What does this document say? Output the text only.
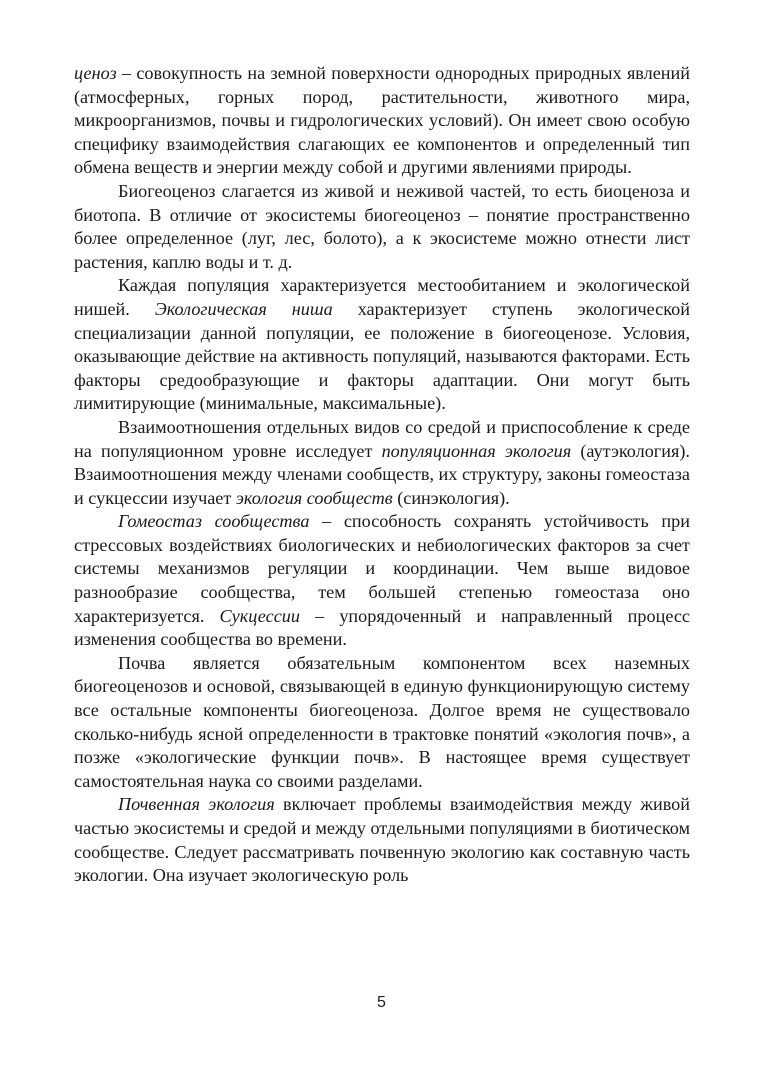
ценоз – совокупность на земной поверхности однородных природных явлений (атмосферных, горных пород, растительности, животного мира, микроорганизмов, почвы и гидрологических условий). Он имеет свою особую специфику взаимодействия слагающих ее компонентов и определенный тип обмена веществ и энергии между собой и другими явлениями природы.

Биогеоценоз слагается из живой и неживой частей, то есть биоценоза и биотопа. В отличие от экосистемы биогеоценоз – понятие пространственно более определенное (луг, лес, болото), а к экосистеме можно отнести лист растения, каплю воды и т. д.

Каждая популяция характеризуется местообитанием и экологической нишей. Экологическая ниша характеризует ступень экологической специализации данной популяции, ее положение в биогеоценозе. Условия, оказывающие действие на активность популяций, называются факторами. Есть факторы средообразующие и факторы адаптации. Они могут быть лимитирующие (минимальные, максимальные).

Взаимоотношения отдельных видов со средой и приспособление к среде на популяционном уровне исследует популяционная экология (аутэкология). Взаимоотношения между членами сообществ, их структуру, законы гомеостаза и сукцессии изучает экология сообществ (синэкология).

Гомеостаз сообщества – способность сохранять устойчивость при стрессовых воздействиях биологических и небиологических факторов за счет системы механизмов регуляции и координации. Чем выше видовое разнообразие сообщества, тем большей степенью гомеостаза оно характеризуется. Сукцессии – упорядоченный и направленный процесс изменения сообщества во времени.

Почва является обязательным компонентом всех наземных биогеоценозов и основой, связывающей в единую функционирующую систему все остальные компоненты биогеоценоза. Долгое время не существовало сколько-нибудь ясной определенности в трактовке понятий «экология почв», а позже «экологические функции почв». В настоящее время существует самостоятельная наука со своими разделами.

Почвенная экология включает проблемы взаимодействия между живой частью экосистемы и средой и между отдельными популяциями в биотическом сообществе. Следует рассматривать почвенную экологию как составную часть экологии. Она изучает экологическую роль

5
